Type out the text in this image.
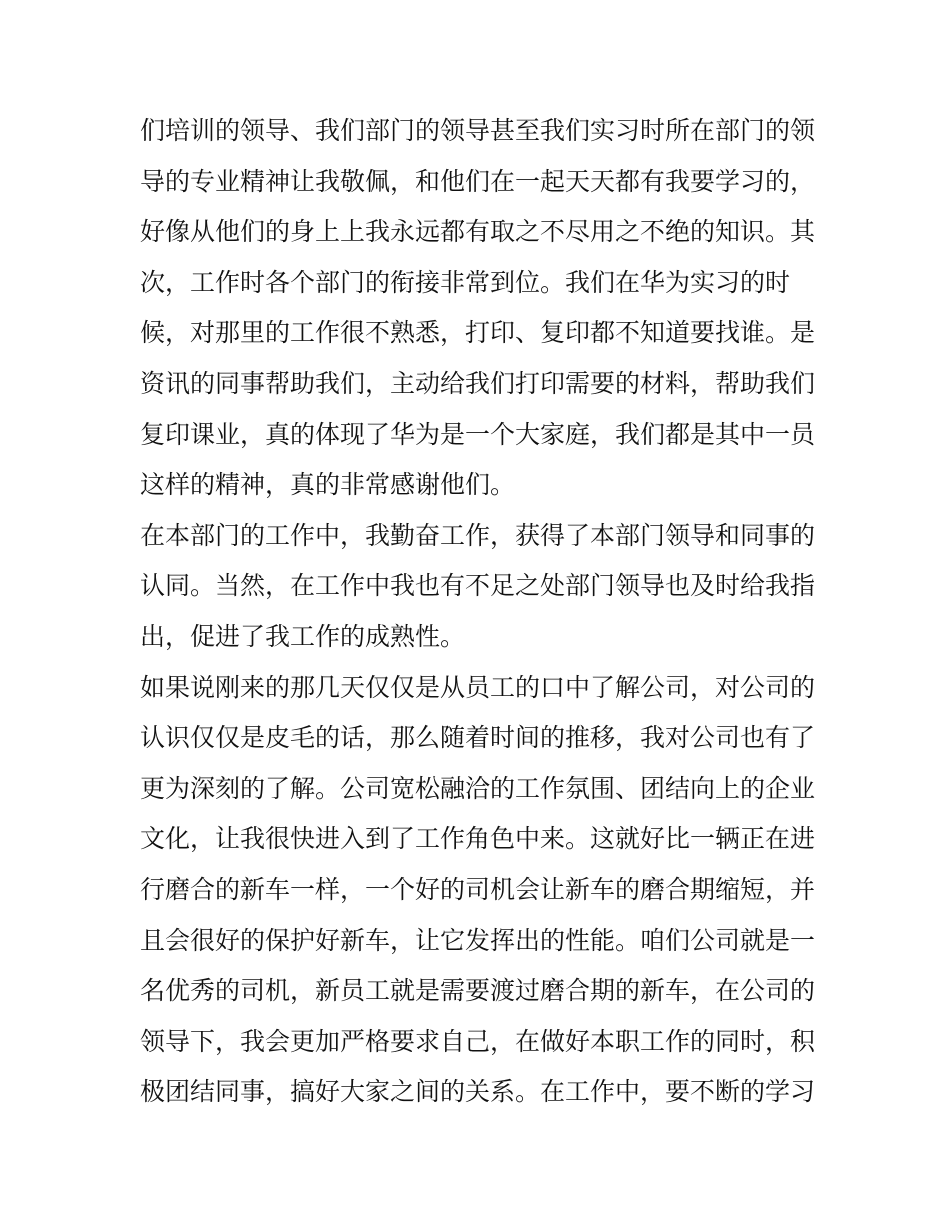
们培训的领导、我们部门的领导甚至我们实习时所在部门的领
导的专业精神让我敬佩，和他们在一起天天都有我要学习的，
好像从他们的身上上我永远都有取之不尽用之不绝的知识。其
次，工作时各个部门的衔接非常到位。我们在华为实习的时
候，对那里的工作很不熟悉，打印、复印都不知道要找谁。是
资讯的同事帮助我们，主动给我们打印需要的材料，帮助我们
复印课业，真的体现了华为是一个大家庭，我们都是其中一员
这样的精神，真的非常感谢他们。
在本部门的工作中，我勤奋工作，获得了本部门领导和同事的
认同。当然，在工作中我也有不足之处部门领导也及时给我指
出，促进了我工作的成熟性。
如果说刚来的那几天仅仅是从员工的口中了解公司，对公司的
认识仅仅是皮毛的话，那么随着时间的推移，我对公司也有了
更为深刻的了解。公司宽松融洽的工作氛围、团结向上的企业
文化，让我很快进入到了工作角色中来。这就好比一辆正在进
行磨合的新车一样，一个好的司机会让新车的磨合期缩短，并
且会很好的保护好新车，让它发挥出的性能。咱们公司就是一
名优秀的司机，新员工就是需要渡过磨合期的新车，在公司的
领导下，我会更加严格要求自己，在做好本职工作的同时，积
极团结同事，搞好大家之间的关系。在工作中，要不断的学习
